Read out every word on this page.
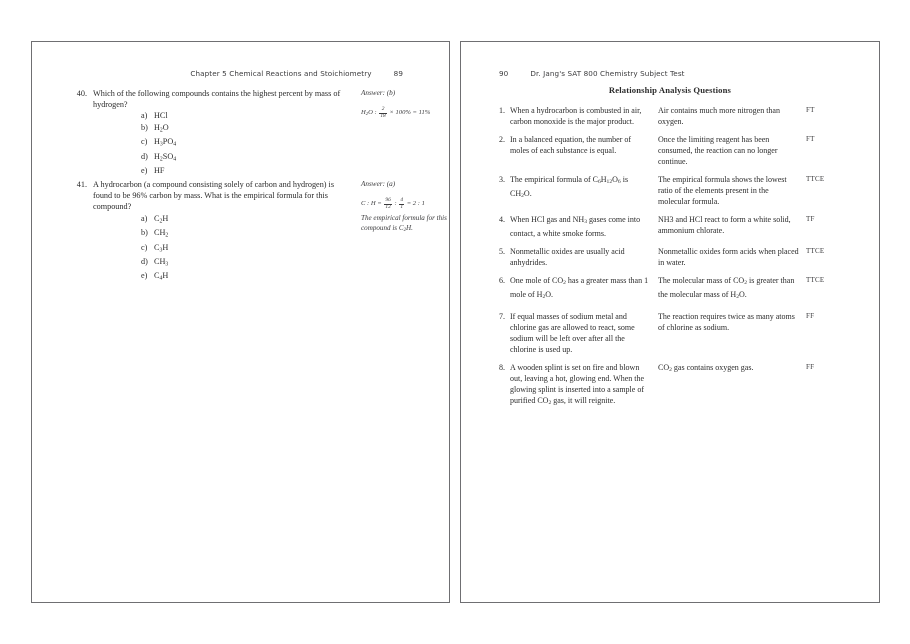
Chapter 5 Chemical Reactions and Stoichiometry	89
40. Which of the following compounds contains the highest percent by mass of hydrogen?
a) HCl
b) $H_2O$
c) $H_3PO_4$
d) $H_2SO_4$
e) HF
Answer: (b)
$H_2O$ : $\frac{2}{18} \times 100\% = 11\%$
41. A hydrocarbon (a compound consisting solely of carbon and hydrogen) is found to be 96% carbon by mass. What is the empirical formula for this compound?
a) $C_2H$
b) $CH_2$
c) $C_3H$
d) $CH_3$
e) $C_4H$
Answer: (a)
C : $H = \frac{96}{12}$ : $\frac{4}{1} = 2$ : 1
The empirical formula for this compound is $C_2H$.
90	Dr. Jang's SAT 800 Chemistry Subject Test
Relationship Analysis Questions
1. When a hydrocarbon is combusted in air, carbon monoxide is the major product.
Air contains much more nitrogen than oxygen.
FT
2. In a balanced equation, the number of moles of each substance is equal.
Once the limiting reagent has been consumed, the reaction can no longer continue.
FT
3. The empirical formula of $C_6H_{12}O_6$ is $CH_2O$.
The empirical formula shows the lowest ratio of the elements present in the molecular formula.
TTCE
4. When HCl gas and $NH_3$ gases come into contact, a white smoke forms.
NH3 and HCl react to form a white solid, ammonium chlorate.
TF
5. Nonmetallic oxides are usually acid anhydrides.
Nonmetallic oxides form acids when placed in water.
TTCE
6. One mole of $CO_2$ has a greater mass than 1 mole of $H_2O$.
The molecular mass of $CO_2$ is greater than the molecular mass of $H_2O$.
TTCE
7. If equal masses of sodium metal and chlorine gas are allowed to react, some sodium will be left over after all the chlorine is used up.
The reaction requires twice as many atoms of chlorine as sodium.
FF
8. A wooden splint is set on fire and blown out, leaving a hot, glowing end. When the glowing splint is inserted into a sample of purified $CO_2$ gas, it will reignite.
$CO_2$ gas contains oxygen gas.	FF
